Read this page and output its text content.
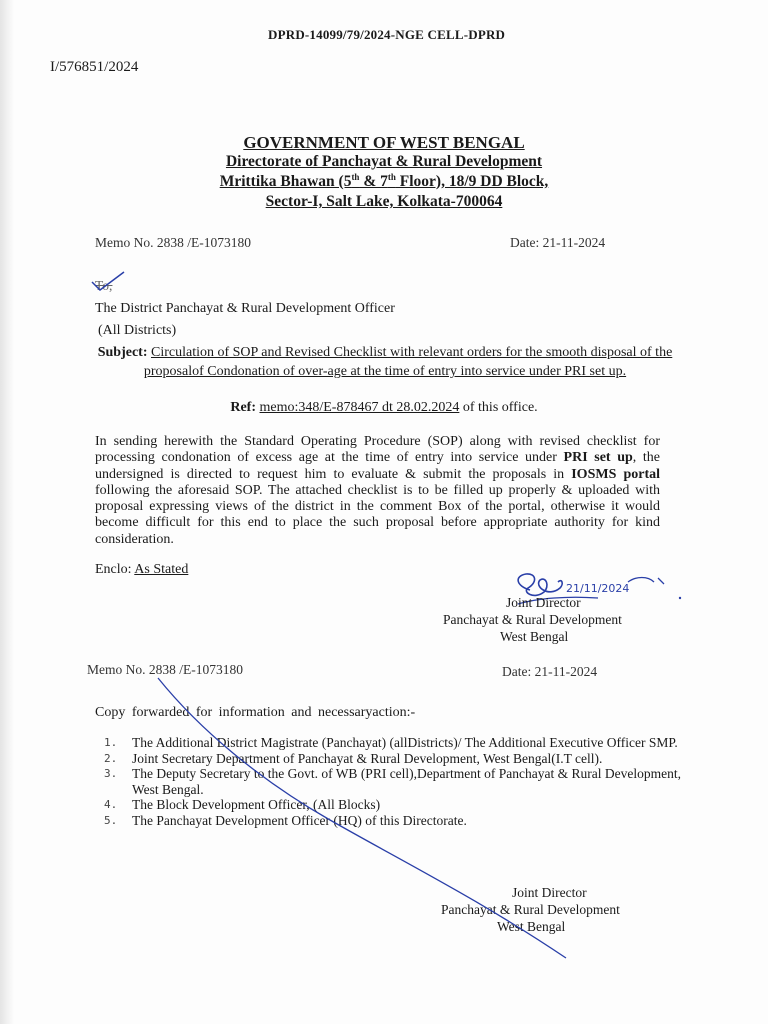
DPRD-14099/79/2024-NGE CELL-DPRD
I/576851/2024
GOVERNMENT OF WEST BENGAL
Directorate of Panchayat & Rural Development
Mrittika Bhawan (5th & 7th Floor), 18/9 DD Block,
Sector-I, Salt Lake, Kolkata-700064
Memo No. 2838 /E-1073180	Date: 21-11-2024
To,
The District Panchayat & Rural Development Officer
(All Districts)
Subject: Circulation of SOP and Revised Checklist with relevant orders for the smooth disposal of the proposalof Condonation of over-age at the time of entry into service under PRI set up.
Ref: memo:348/E-878467 dt 28.02.2024 of this office.
In sending herewith the Standard Operating Procedure (SOP) along with revised checklist for processing condonation of excess age at the time of entry into service under PRI set up, the undersigned is directed to request him to evaluate & submit the proposals in IOSMS portal following the aforesaid SOP. The attached checklist is to be filled up properly & uploaded with proposal expressing views of the district in the comment Box of the portal, otherwise it would become difficult for this end to place the such proposal before appropriate authority for kind consideration.
Enclo: As Stated
21/11/2024
Joint Director
Panchayat & Rural Development
West Bengal
Memo No. 2838 /E-1073180	Date: 21-11-2024
Copy forwarded for information and necessaryaction:-
1. The Additional District Magistrate (Panchayat) (allDistricts)/ The Additional Executive Officer SMP.
2. Joint Secretary Department of Panchayat & Rural Development, West Bengal(I.T cell).
3. The Deputy Secretary to the Govt. of WB (PRI cell),Department of Panchayat & Rural Development, West Bengal.
4. The Block Development Officer, (All Blocks)
5. The Panchayat Development Officer (HQ) of this Directorate.
Joint Director
Panchayat & Rural Development
West Bengal
